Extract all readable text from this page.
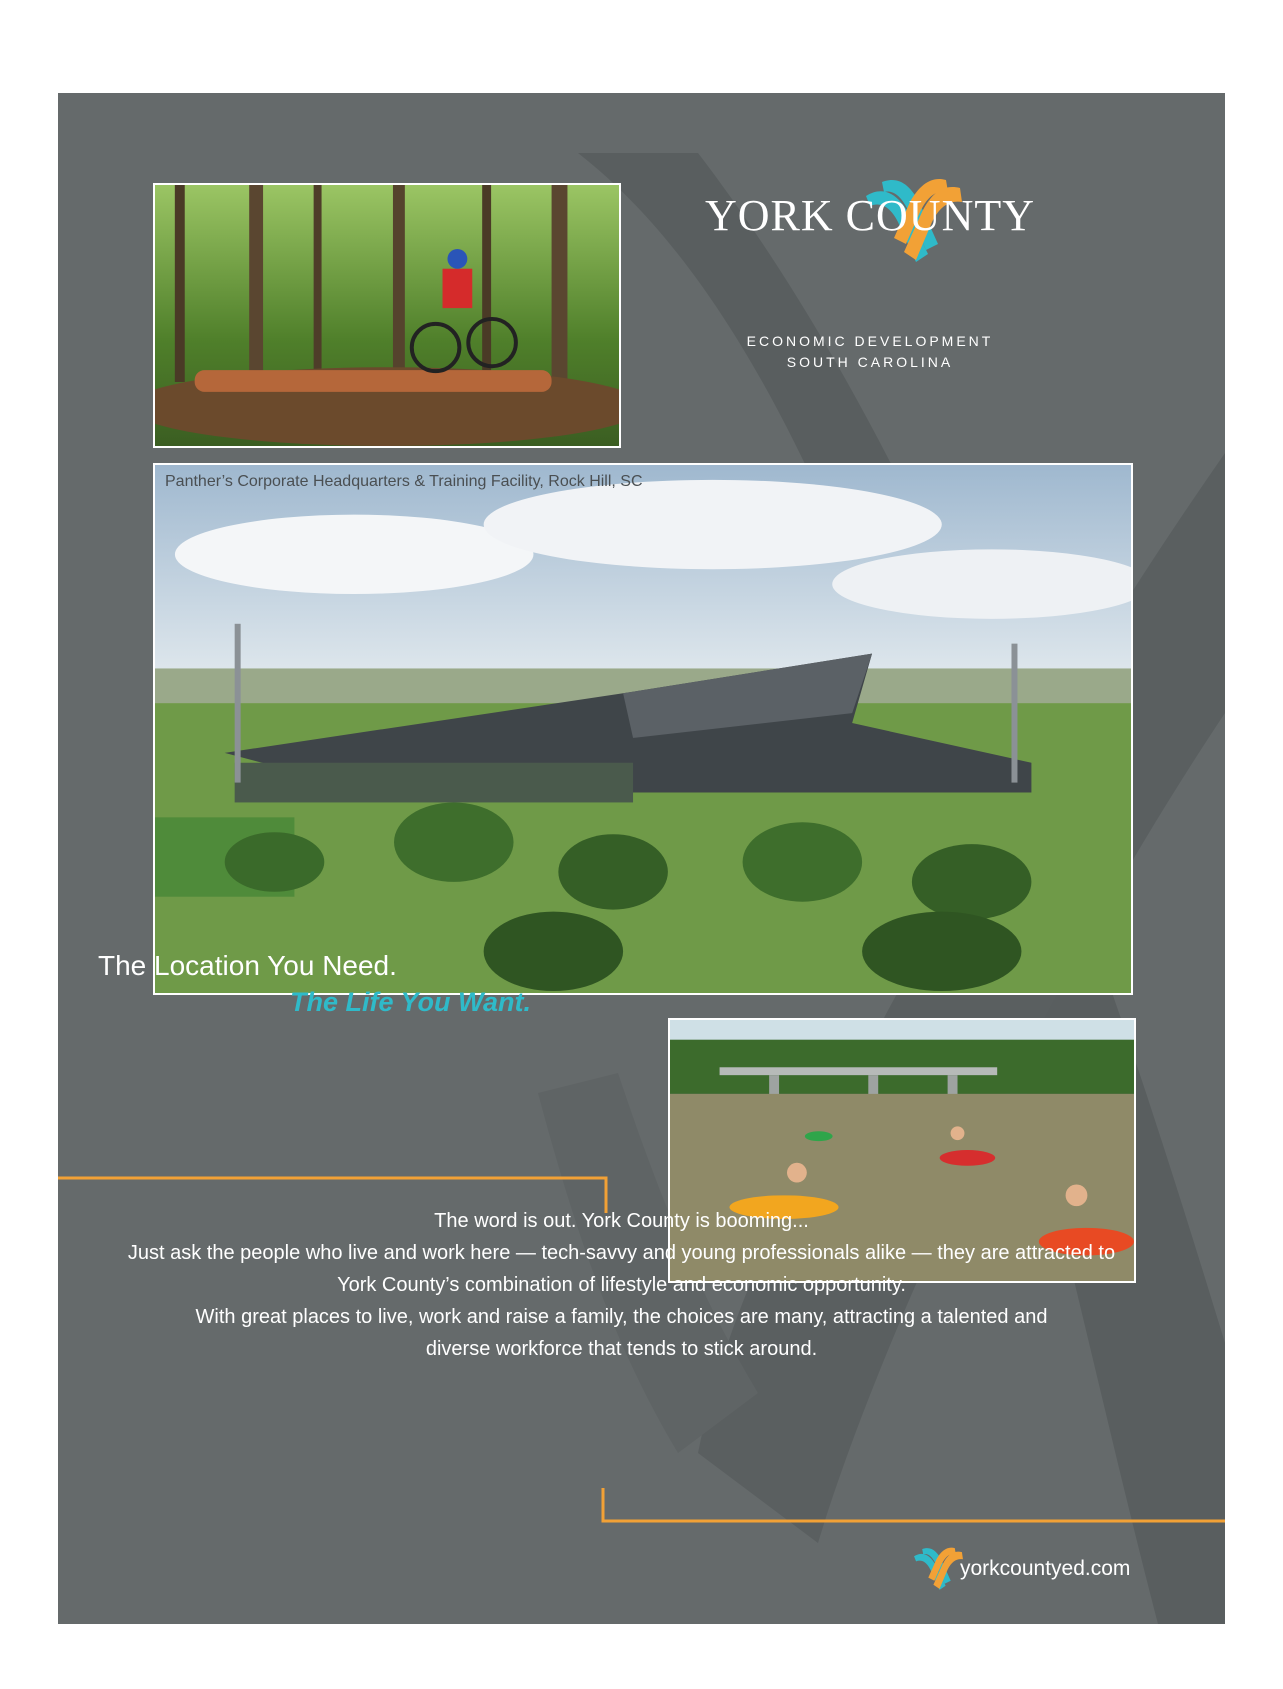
YORK COUNTY
ECONOMIC DEVELOPMENT
SOUTH CAROLINA
Panther’s Corporate Headquarters & Training Facility, Rock Hill, SC
The Location You Need.
The Life You Want.

The word is out. York County is booming...

Just ask the people who live and work here — tech-savvy and young professionals alike — they are attracted to York County’s combination of lifestyle and economic opportunity.

With great places to live, work and raise a family, the choices are many, attracting a talented and diverse workforce that tends to stick around.

yorkcountyed.com
